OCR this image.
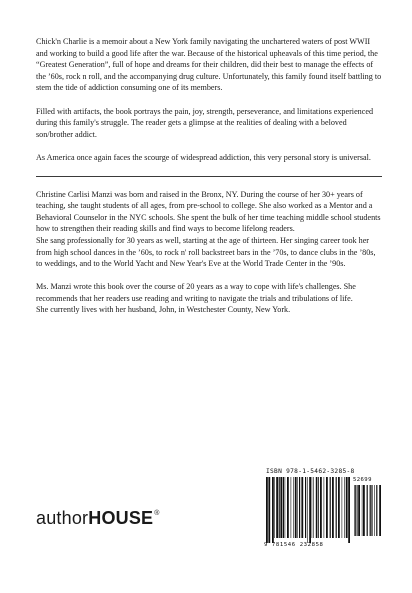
Chick'n Charlie is a memoir about a New York family navigating the unchartered waters of post WWII and working to build a good life after the war. Because of the historical upheavals of this time period, the “Greatest Generation”, full of hope and dreams for their children, did their best to manage the effects of the ’60s, rock n roll, and the accompanying drug culture. Unfortunately, this family found itself battling to stem the tide of addiction consuming one of its members.

Filled with artifacts, the book portrays the pain, joy, strength, perseverance, and limitations experienced during this family's struggle. The reader gets a glimpse at the realities of dealing with a beloved son/brother addict.

As America once again faces the scourge of widespread addiction, this very personal story is universal.

Christine Carlisi Manzi was born and raised in the Bronx, NY. During the course of her 30+ years of teaching, she taught students of all ages, from pre-school to college. She also worked as a Mentor and a Behavioral Counselor in the NYC schools. She spent the bulk of her time teaching middle school students how to strengthen their reading skills and find ways to become lifelong readers.

She sang professionally for 30 years as well, starting at the age of thirteen. Her singing career took her from high school dances in the ’60s, to rock n' roll backstreet bars in the ’70s, to dance clubs in the ’80s, to weddings, and to the World Yacht and New Year's Eve at the World Trade Center in the ’90s.

Ms. Manzi wrote this book over the course of 20 years as a way to cope with life's challenges. She recommends that her readers use reading and writing to navigate the trials and tribulations of life.

She currently lives with her husband, John, in Westchester County, New York.

author HOUSE ®
ISBN 978-1-5462-3285-8
9 781546 232858
52699
